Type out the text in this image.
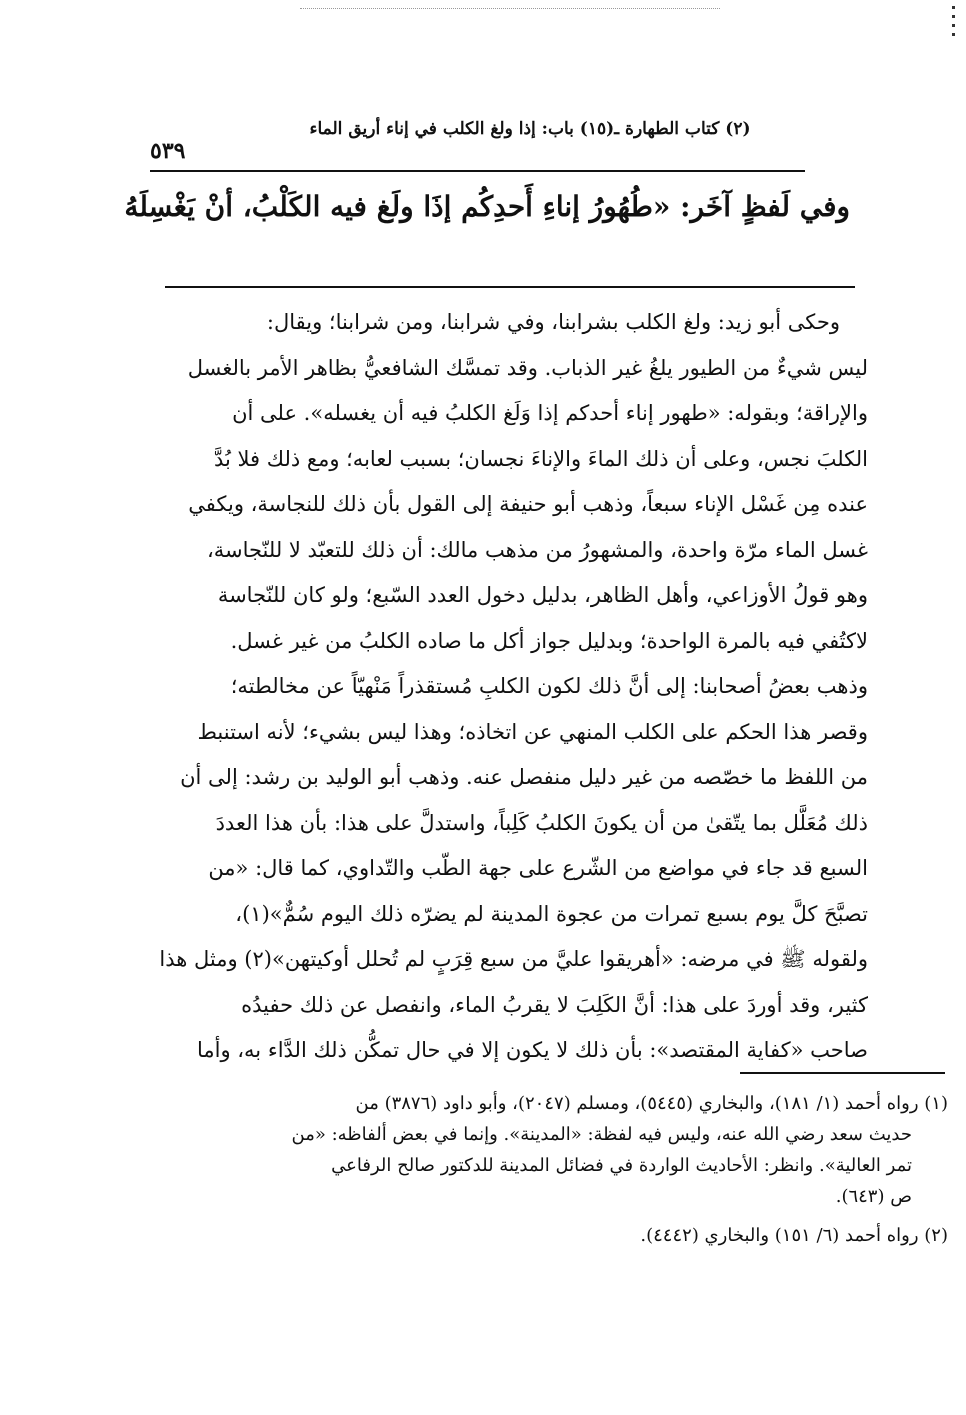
(٢) كتاب الطهارة ـ(١٥) باب: إذا ولغ الكلب في إناء أريق الماء
٥٣٩
وفي لَفظٍ آخَر: «طُهُورُ إناءِ أَحدِكُم إذَا ولَغ فيه الكَلْبُ، أنْ يَغْسِلَهُ

وحكى أبو زيد: ولغ الكلب بشرابنا، وفي شرابنا، ومن شرابنا؛ ويقال:

ليس شيءٌ من الطيور يلغُ غير الذباب. وقد تمسَّك الشافعيُّ بظاهر الأمر بالغسل

والإراقة؛ وبقوله: «طهور إناء أحدكم إذا وَلَغ الكلبُ فيه أن يغسله». على أن

الكلبَ نجس، وعلى أن ذلك الماءَ والإناءَ نجسان؛ بسبب لعابه؛ ومع ذلك فلا بُدَّ

عنده مِن غَسْل الإناء سبعاً، وذهب أبو حنيفة إلى القول بأن ذلك للنجاسة، ويكفي

غسل الماء مرّة واحدة، والمشهورُ من مذهب مالك: أن ذلك للتعبّد لا للنّجاسة،

وهو قولُ الأوزاعي، وأهل الظاهر، بدليل دخول العدد السّبع؛ ولو كان للنّجاسة

لاكتُفي فيه بالمرة الواحدة؛ وبدليل جواز أكل ما صاده الكلبُ من غير غسل.

وذهب بعضُ أصحابنا: إلى أنَّ ذلك لكون الكلبِ مُستقذراً مَنْهيّاً عن مخالطته؛

وقصر هذا الحكم على الكلب المنهي عن اتخاذه؛ وهذا ليس بشيء؛ لأنه استنبط

من اللفظ ما خصّصه من غير دليل منفصل عنه. وذهب أبو الوليد بن رشد: إلى أن

ذلك مُعَلَّل بما يتّقىٰ من أن يكونَ الكلبُ كَلِباً، واستدلَّ على هذا: بأن هذا العددَ

السبع قد جاء في مواضع من الشّرع على جهة الطّب والتّداوي، كما قال: «من

تصبَّحَ كلَّ يوم بسبع تمرات من عجوة المدينة لم يضرّه ذلك اليوم سُمٌّ»(١)،

ولقوله ﷺ في مرضه: «أهريقوا عليَّ من سبع قِرَبٍ لم تُحلل أوكيتهن»(٢) ومثل هذا

كثير، وقد أوردَ على هذا: أنَّ الكَلِبَ لا يقربُ الماء، وانفصل عن ذلك حفيدُه

صاحب «كفاية المقتصد»: بأن ذلك لا يكون إلا في حال تمكُّن ذلك الدَّاء به، وأما

(١) رواه أحمد (١/ ١٨١)، والبخاري (٥٤٤٥)، ومسلم (٢٠٤٧)، وأبو داود (٣٨٧٦) من

حديث سعد رضي الله عنه، وليس فيه لفظة: «المدينة». وإنما في بعض ألفاظه: «من

تمر العالية». وانظر: الأحاديث الواردة في فضائل المدينة للدكتور صالح الرفاعي

ص (٦٤٣).

(٢) رواه أحمد (٦/ ١٥١) والبخاري (٤٤٤٢).
